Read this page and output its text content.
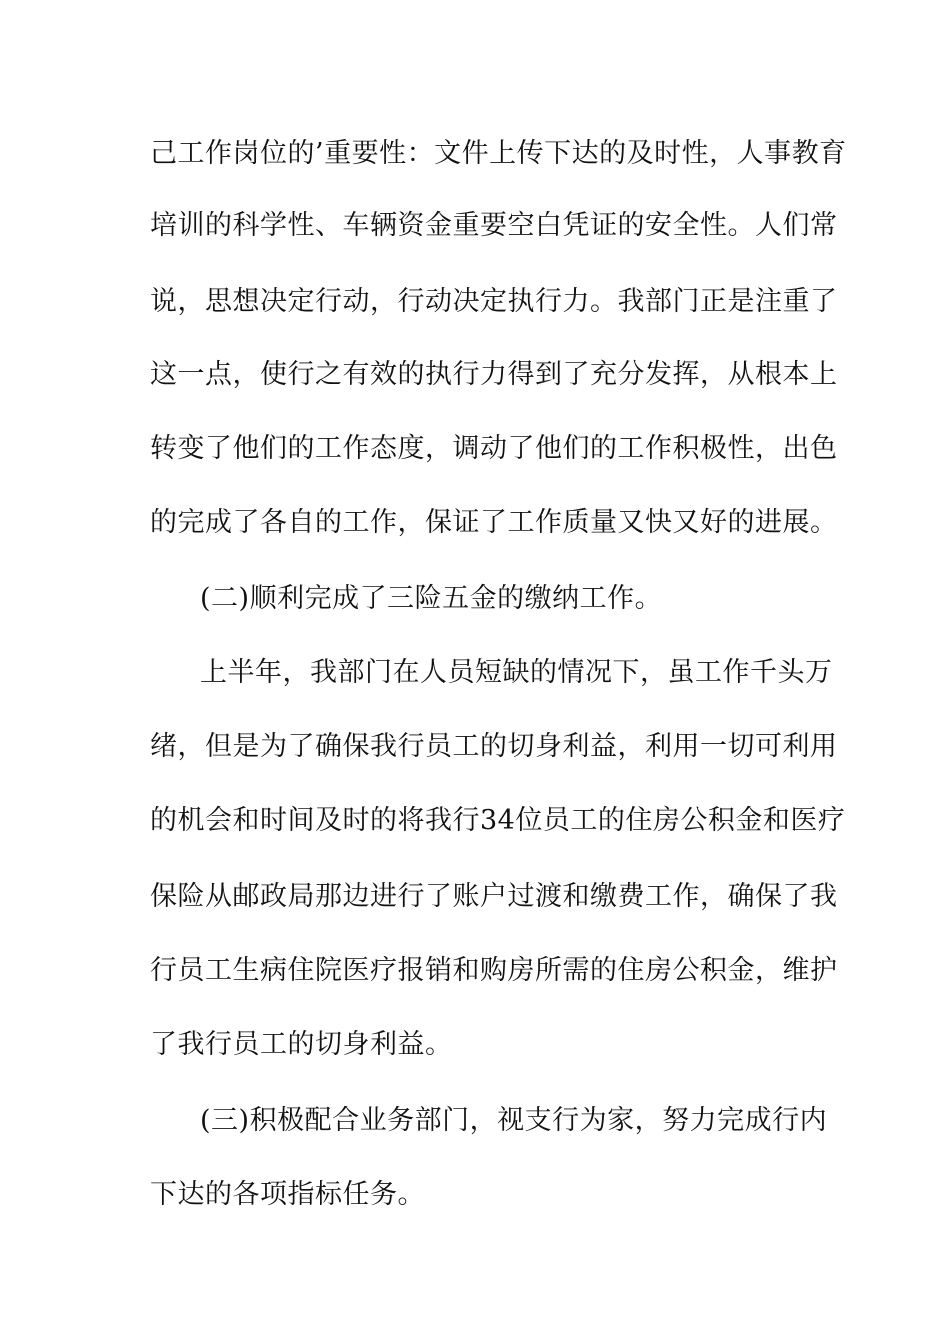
己工作岗位的’重要性：文件上传下达的及时性，人事教育
培训的科学性、车辆资金重要空白凭证的安全性。人们常
说，思想决定行动，行动决定执行力。我部门正是注重了
这一点，使行之有效的执行力得到了充分发挥，从根本上
转变了他们的工作态度，调动了他们的工作积极性，出色
的完成了各自的工作，保证了工作质量又快又好的进展。
(二)顺利完成了三险五金的缴纳工作。
上半年，我部门在人员短缺的情况下，虽工作千头万
绪，但是为了确保我行员工的切身利益，利用一切可利用
的机会和时间及时的将我行34位员工的住房公积金和医疗
保险从邮政局那边进行了账户过渡和缴费工作，确保了我
行员工生病住院医疗报销和购房所需的住房公积金，维护
了我行员工的切身利益。
(三)积极配合业务部门，视支行为家，努力完成行内
下达的各项指标任务。
